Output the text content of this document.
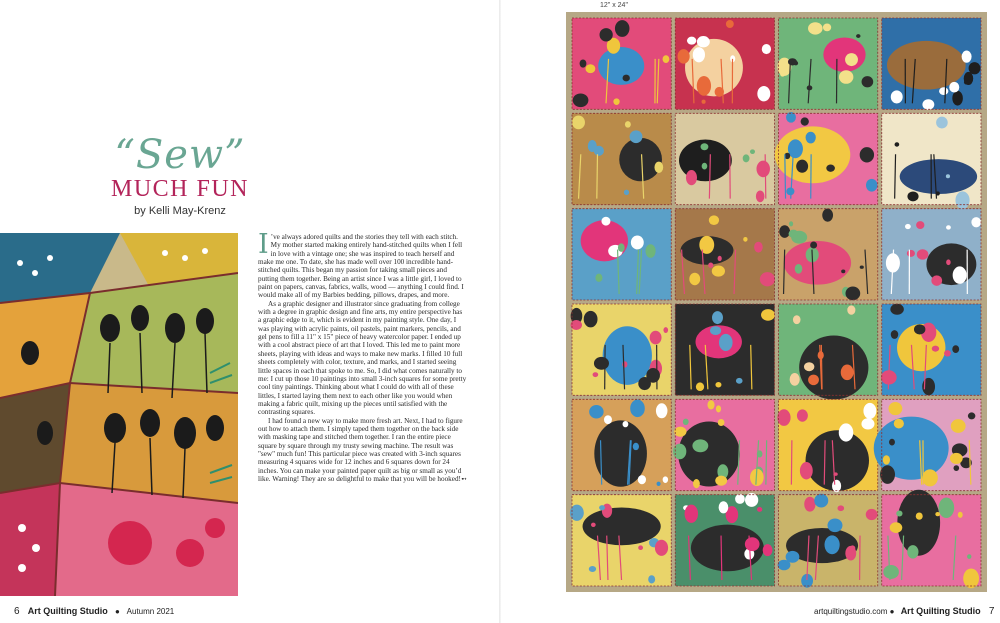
“Sew”
MUCH FUN
by Kelli May-Krenz

I ’ve always adored quilts and the stories they tell with each stitch. My mother started making entirely hand-stitched quilts when I fell in love with a vintage one; she was inspired to teach herself and make me one. To date, she has made well over 100 incredible hand-stitched quilts. This began my passion for taking small pieces and putting them together. Being an artist since I was a little girl, I loved to paint on papers, canvas, fabrics, walls, wood — anything I could find. I would make all of my Barbies bedding, pillows, drapes, and more.

As a graphic designer and illustrator since graduating from college with a degree in graphic design and fine arts, my entire perspective has a graphic edge to it, which is evident in my painting style. One day, I was playing with acrylic paints, oil pastels, paint markers, pencils, and gel pens to fill a 11" x 15" piece of heavy watercolor paper. I ended up with a cool abstract piece of art that I loved. This led me to paint more sheets, playing with ideas and ways to make new marks. I filled 10 full sheets completely with color, texture, and marks, and I started seeing little spaces in each that spoke to me. So, I did what comes naturally to me: I cut up those 10 paintings into small 3-inch squares for some pretty cool tiny paintings. Thinking about what I could do with all of these littles, I started laying them next to each other like you would when making a fabric quilt, mixing up the pieces until satisfied with the contrasting squares.

I had found a new way to make more fresh art. Next, I had to figure out how to attach them. I simply taped them together on the back side with masking tape and stitched them together. I ran the entire piece square by square through my trusty sewing machine. The result was "sew" much fun! This particular piece was created with 3-inch squares measuring 4 squares wide for 12 inches and 6 squares down for 24 inches. You can make your painted paper quilt as big or small as you’d like. Warning! They are so delightful to make that you will be hooked!➻

6 Art Quilting Studio ● Autumn 2021
12" x 24"
artquiltingstudio.com ● Art Quilting Studio 7
